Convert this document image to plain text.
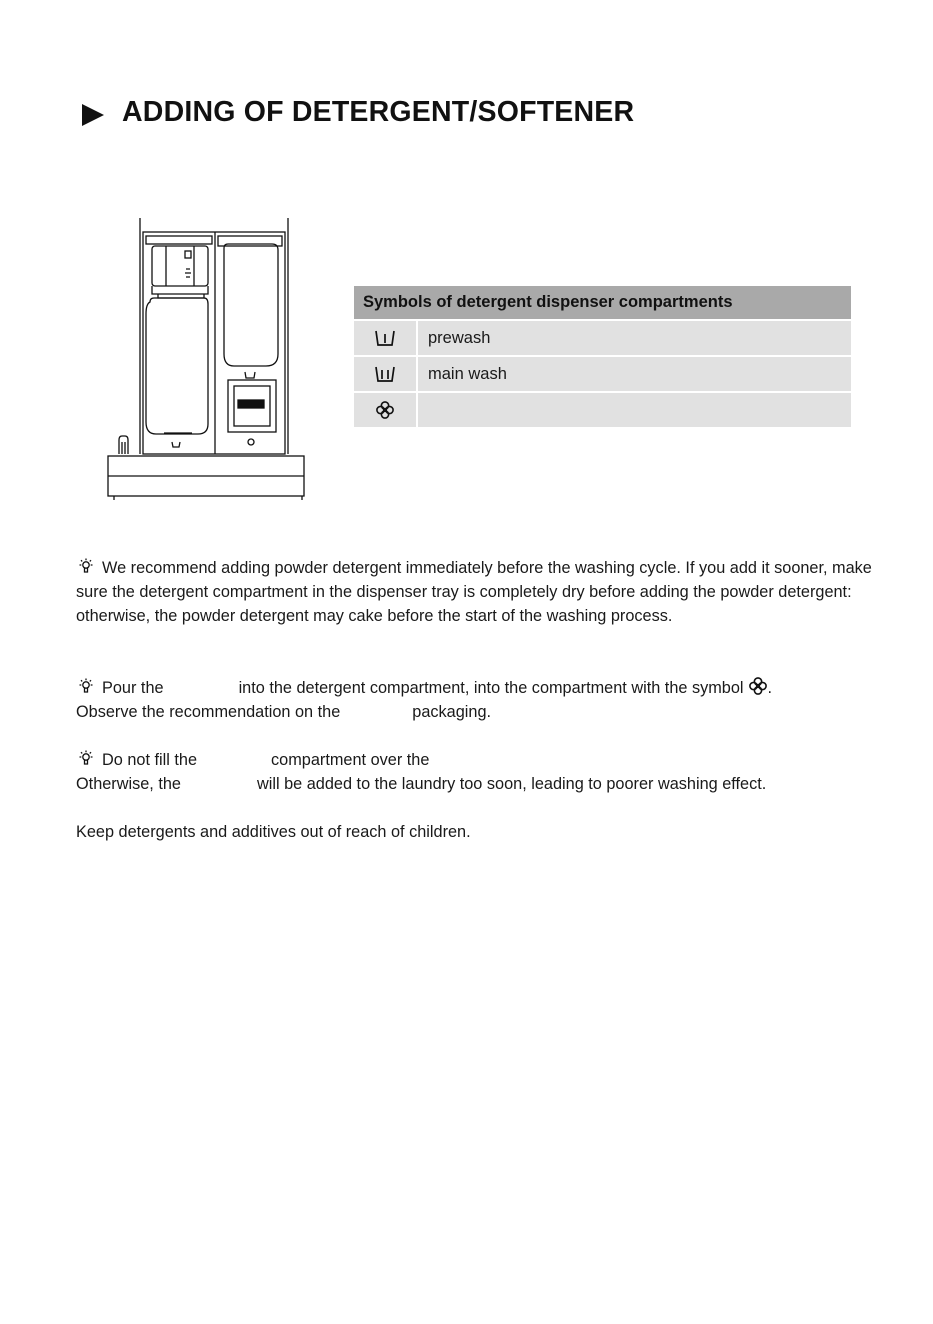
ADDING OF DETERGENT/SOFTENER
Symbols of detergent dispenser compartments	
	prewash
	main wash

We recommend adding powder detergent immediately before the washing cycle. If you add it sooner, make sure the detergent compartment in the dispenser tray is completely dry before adding the powder detergent: otherwise, the powder detergent may cake before the start of the washing process.

Pour the	into the detergent compartment, into the compartment with the symbol .
Observe the recommendation on the	packaging.
Do not fill the	compartment over the
Otherwise, the	will be added to the laundry too soon, leading to poorer washing effect.

Keep detergents and additives out of reach of children.
